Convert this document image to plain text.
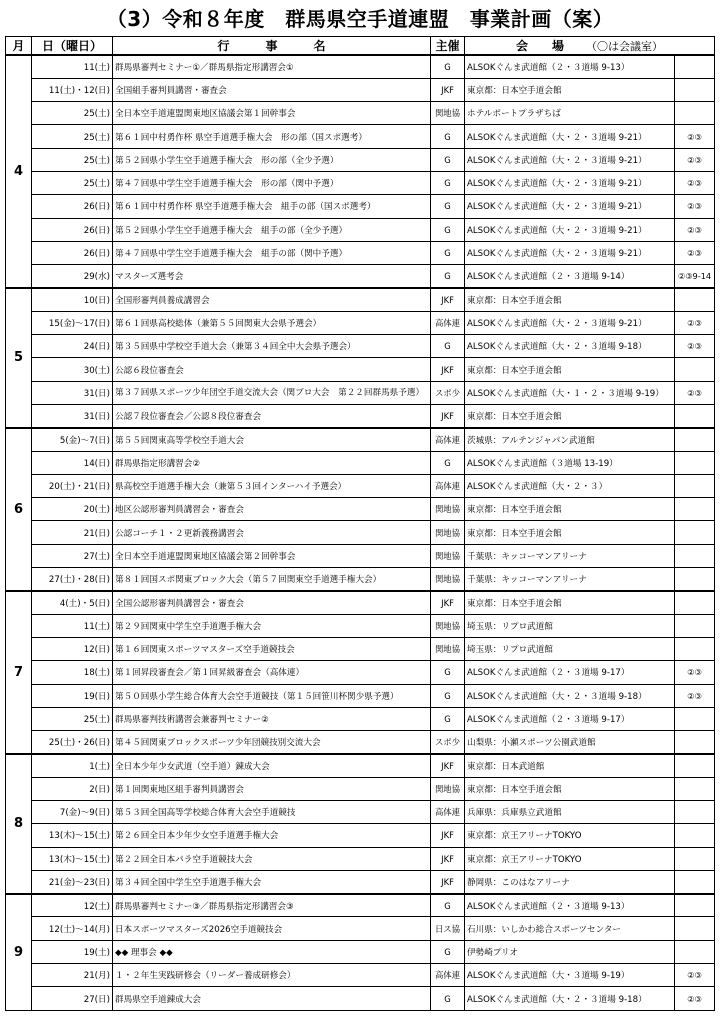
（3）令和８年度　群馬県空手道連盟　事業計画（案）
月	日（曜日）	行　　　事　　　名	主催	会　　場 （〇は会議室）	
4	11(土)	群馬県審判セミナー①／群馬県指定形講習会①	G	ALSOKぐんま武道館（２・３道場 9-13）	
	11(土)・12(日)	全国組手審判員講習・審査会	JKF	東京都：日本空手道会館	
	25(土)	全日本空手道連盟関東地区協議会第１回幹事会	関地協	ホテルポートプラザちば	
	25(土)	第６１回中村勇作杯 県空手道選手権大会　形の部（国スポ選考）	G	ALSOKぐんま武道館（大・２・３道場 9-21）	②③
	25(土)	第５２回県小学生空手道選手権大会　形の部（全少予選）	G	ALSOKぐんま武道館（大・２・３道場 9-21）	②③
	25(土)	第４７回県中学生空手道選手権大会　形の部（関中予選）	G	ALSOKぐんま武道館（大・２・３道場 9-21）	②③
	26(日)	第６１回中村勇作杯 県空手道選手権大会　組手の部（国スポ選考）	G	ALSOKぐんま武道館（大・２・３道場 9-21）	②③
	26(日)	第５２回県小学生空手道選手権大会　組手の部（全少予選）	G	ALSOKぐんま武道館（大・２・３道場 9-21）	②③
	26(日)	第４７回県中学生空手道選手権大会　組手の部（関中予選）	G	ALSOKぐんま武道館（大・２・３道場 9-21）	②③
	29(水)	マスターズ選考会	G	ALSOKぐんま武道館（２・３道場 9-14）	②③9-14
5	10(日)	全国形審判員養成講習会	JKF	東京都：日本空手道会館	
	15(金)～17(日)	第６１回県高校総体（兼第５５回関東大会県予選会）	高体連	ALSOKぐんま武道館（大・２・３道場 9-21）	②③
	24(日)	第３５回県中学校空手道大会（兼第３４回全中大会県予選会）	G	ALSOKぐんま武道館（大・２・３道場 9-18）	②③
	30(土)	公認６段位審査会	JKF	東京都：日本空手道会館	
	31(日)	第３７回県スポーツ少年団空手道交流大会（関ブロ大会　第２２回群馬県予選）	スポ少	ALSOKぐんま武道館（大・１・２・３道場 9-19）	②③
	31(日)	公認７段位審査会／公認８段位審査会	JKF	東京都：日本空手道会館	
6	5(金)～7(日)	第５５回関東高等学校空手道大会	高体連	茨城県：アルテンジャパン武道館	
	14(日)	群馬県指定形講習会②	G	ALSOKぐんま武道館（３道場 13-19）	
	20(土)・21(日)	県高校空手道選手権大会（兼第５３回インターハイ予選会）	高体連	ALSOKぐんま武道館（大・２・３）	
	20(土)	地区公認形審判員講習会・審査会	関地協	東京都：日本空手道会館	
	21(日)	公認コーチ１・２更新義務講習会	関地協	東京都：日本空手道会館	
	27(土)	全日本空手道連盟関東地区協議会第２回幹事会	関地協	千葉県：キッコーマンアリーナ	
	27(土)・28(日)	第８１回国スポ関東ブロック大会（第５７回関東空手道選手権大会）	関地協	千葉県：キッコーマンアリーナ	
7	4(土)・5(日)	全国公認形審判員講習会・審査会	JKF	東京都：日本空手道会館	
	11(土)	第２９回関東中学生空手道選手権大会	関地協	埼玉県：リプロ武道館	
	12(日)	第１６回関東スポーツマスターズ空手道競技会	関地協	埼玉県：リプロ武道館	
	18(土)	第１回昇段審査会／第１回昇級審査会（高体連）	G	ALSOKぐんま武道館（２・３道場 9-17）	②③
	19(日)	第５０回県小学生総合体育大会空手道競技（第１５回笹川杯関少県予選）	G	ALSOKぐんま武道館（大・２・３道場 9-18）	②③
	25(土)	群馬県審判技術講習会兼審判セミナー②	G	ALSOKぐんま武道館（２・３道場 9-17）	
	25(土)・26(日)	第４５回関東ブロックスポーツ少年団競技別交流大会	スポ少	山梨県：小瀬スポーツ公園武道館	
8	1(土)	全日本少年少女武道（空手道）錬成大会	JKF	東京都：日本武道館	
	2(日)	第１回関東地区組手審判員講習会	関地協	東京都：日本空手道会館	
	7(金)～9(日)	第５３回全国高等学校総合体育大会空手道競技	高体連	兵庫県：兵庫県立武道館	
	13(木)～15(土)	第２６回全日本少年少女空手道選手権大会	JKF	東京都：京王アリーナTOKYO	
	13(木)～15(土)	第２２回全日本パラ空手道競技大会	JKF	東京都：京王アリーナTOKYO	
	21(金)～23(日)	第３４回全国中学生空手道選手権大会	JKF	静岡県：このはなアリーナ	
9	12(土)	群馬県審判セミナー③／群馬県指定形講習会③	G	ALSOKぐんま武道館（２・３道場 9-13）	
	12(土)～14(月)	日本スポーツマスターズ2026空手道競技会	日ス協	石川県：いしかわ総合スポーツセンター	
	19(土)	◆◆ 理事会 ◆◆	G	伊勢崎プリオ	
	21(月)	１・２年生実践研修会（リーダー養成研修会）	高体連	ALSOKぐんま武道館（大・３道場 9-19）	②③
	27(日)	群馬県空手道錬成大会	G	ALSOKぐんま武道館（大・２・３道場 9-18）	②③
